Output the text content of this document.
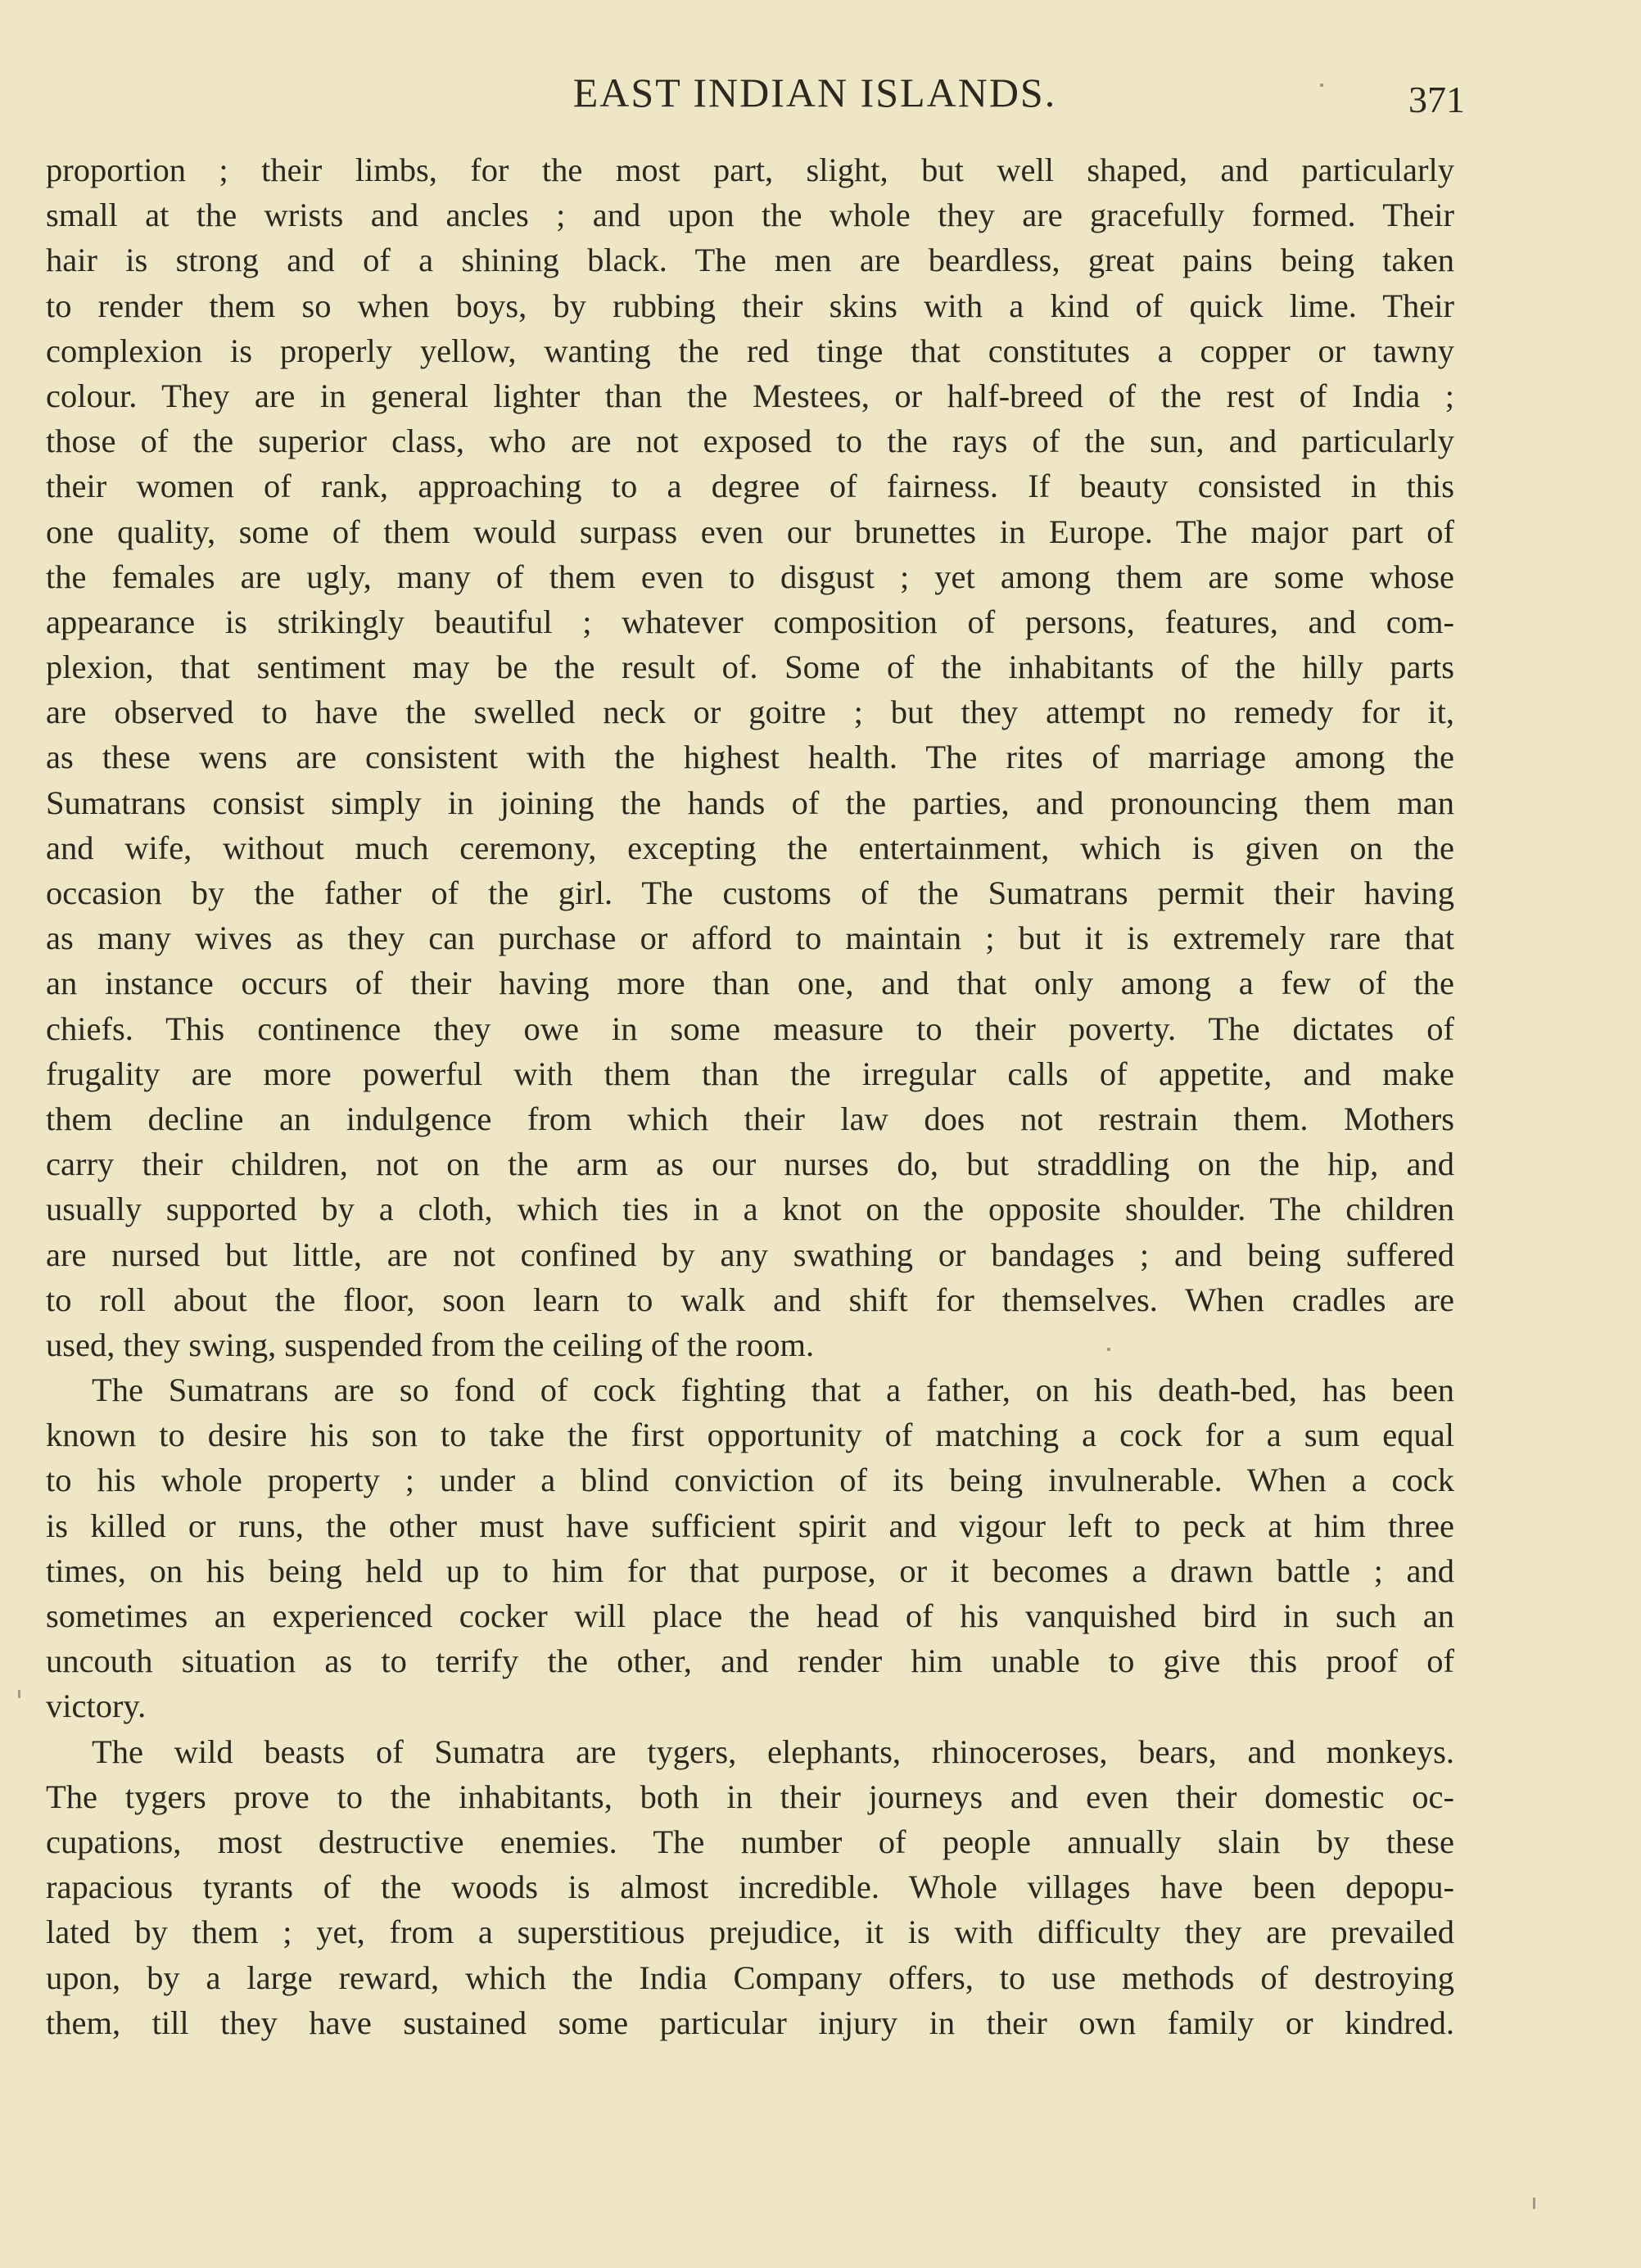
EAST INDIAN ISLANDS.	371
proportion ; their limbs, for the most part, slight, but well shaped, and particularly
small at the wrists and ancles ; and upon the whole they are gracefully formed. Their
hair is strong and of a shining black. The men are beardless, great pains being taken
to render them so when boys, by rubbing their skins with a kind of quick lime. Their
complexion is properly yellow, wanting the red tinge that constitutes a copper or tawny
colour. They are in general lighter than the Mestees, or half-breed of the rest of India ;
those of the superior class, who are not exposed to the rays of the sun, and particularly
their women of rank, approaching to a degree of fairness. If beauty consisted in this
one quality, some of them would surpass even our brunettes in Europe. The major part of
the females are ugly, many of them even to disgust ; yet among them are some whose
appearance is strikingly beautiful ; whatever composition of persons, features, and com-
plexion, that sentiment may be the result of. Some of the inhabitants of the hilly parts
are observed to have the swelled neck or goitre ; but they attempt no remedy for it,
as these wens are consistent with the highest health. The rites of marriage among the
Sumatrans consist simply in joining the hands of the parties, and pronouncing them man
and wife, without much ceremony, excepting the entertainment, which is given on the
occasion by the father of the girl. The customs of the Sumatrans permit their having
as many wives as they can purchase or afford to maintain ; but it is extremely rare that
an instance occurs of their having more than one, and that only among a few of the
chiefs. This continence they owe in some measure to their poverty. The dictates of
frugality are more powerful with them than the irregular calls of appetite, and make
them decline an indulgence from which their law does not restrain them. Mothers
carry their children, not on the arm as our nurses do, but straddling on the hip, and
usually supported by a cloth, which ties in a knot on the opposite shoulder. The children
are nursed but little, are not confined by any swathing or bandages ; and being suffered
to roll about the floor, soon learn to walk and shift for themselves. When cradles are
used, they swing, suspended from the ceiling of the room.
The Sumatrans are so fond of cock fighting that a father, on his death-bed, has been
known to desire his son to take the first opportunity of matching a cock for a sum equal
to his whole property ; under a blind conviction of its being invulnerable. When a cock
is killed or runs, the other must have sufficient spirit and vigour left to peck at him three
times, on his being held up to him for that purpose, or it becomes a drawn battle ; and
sometimes an experienced cocker will place the head of his vanquished bird in such an
uncouth situation as to terrify the other, and render him unable to give this proof of
victory.
The wild beasts of Sumatra are tygers, elephants, rhinoceroses, bears, and monkeys.
The tygers prove to the inhabitants, both in their journeys and even their domestic oc-
cupations, most destructive enemies. The number of people annually slain by these
rapacious tyrants of the woods is almost incredible. Whole villages have been depopu-
lated by them ; yet, from a superstitious prejudice, it is with difficulty they are prevailed
upon, by a large reward, which the India Company offers, to use methods of destroying
them, till they have sustained some particular injury in their own family or kindred.
